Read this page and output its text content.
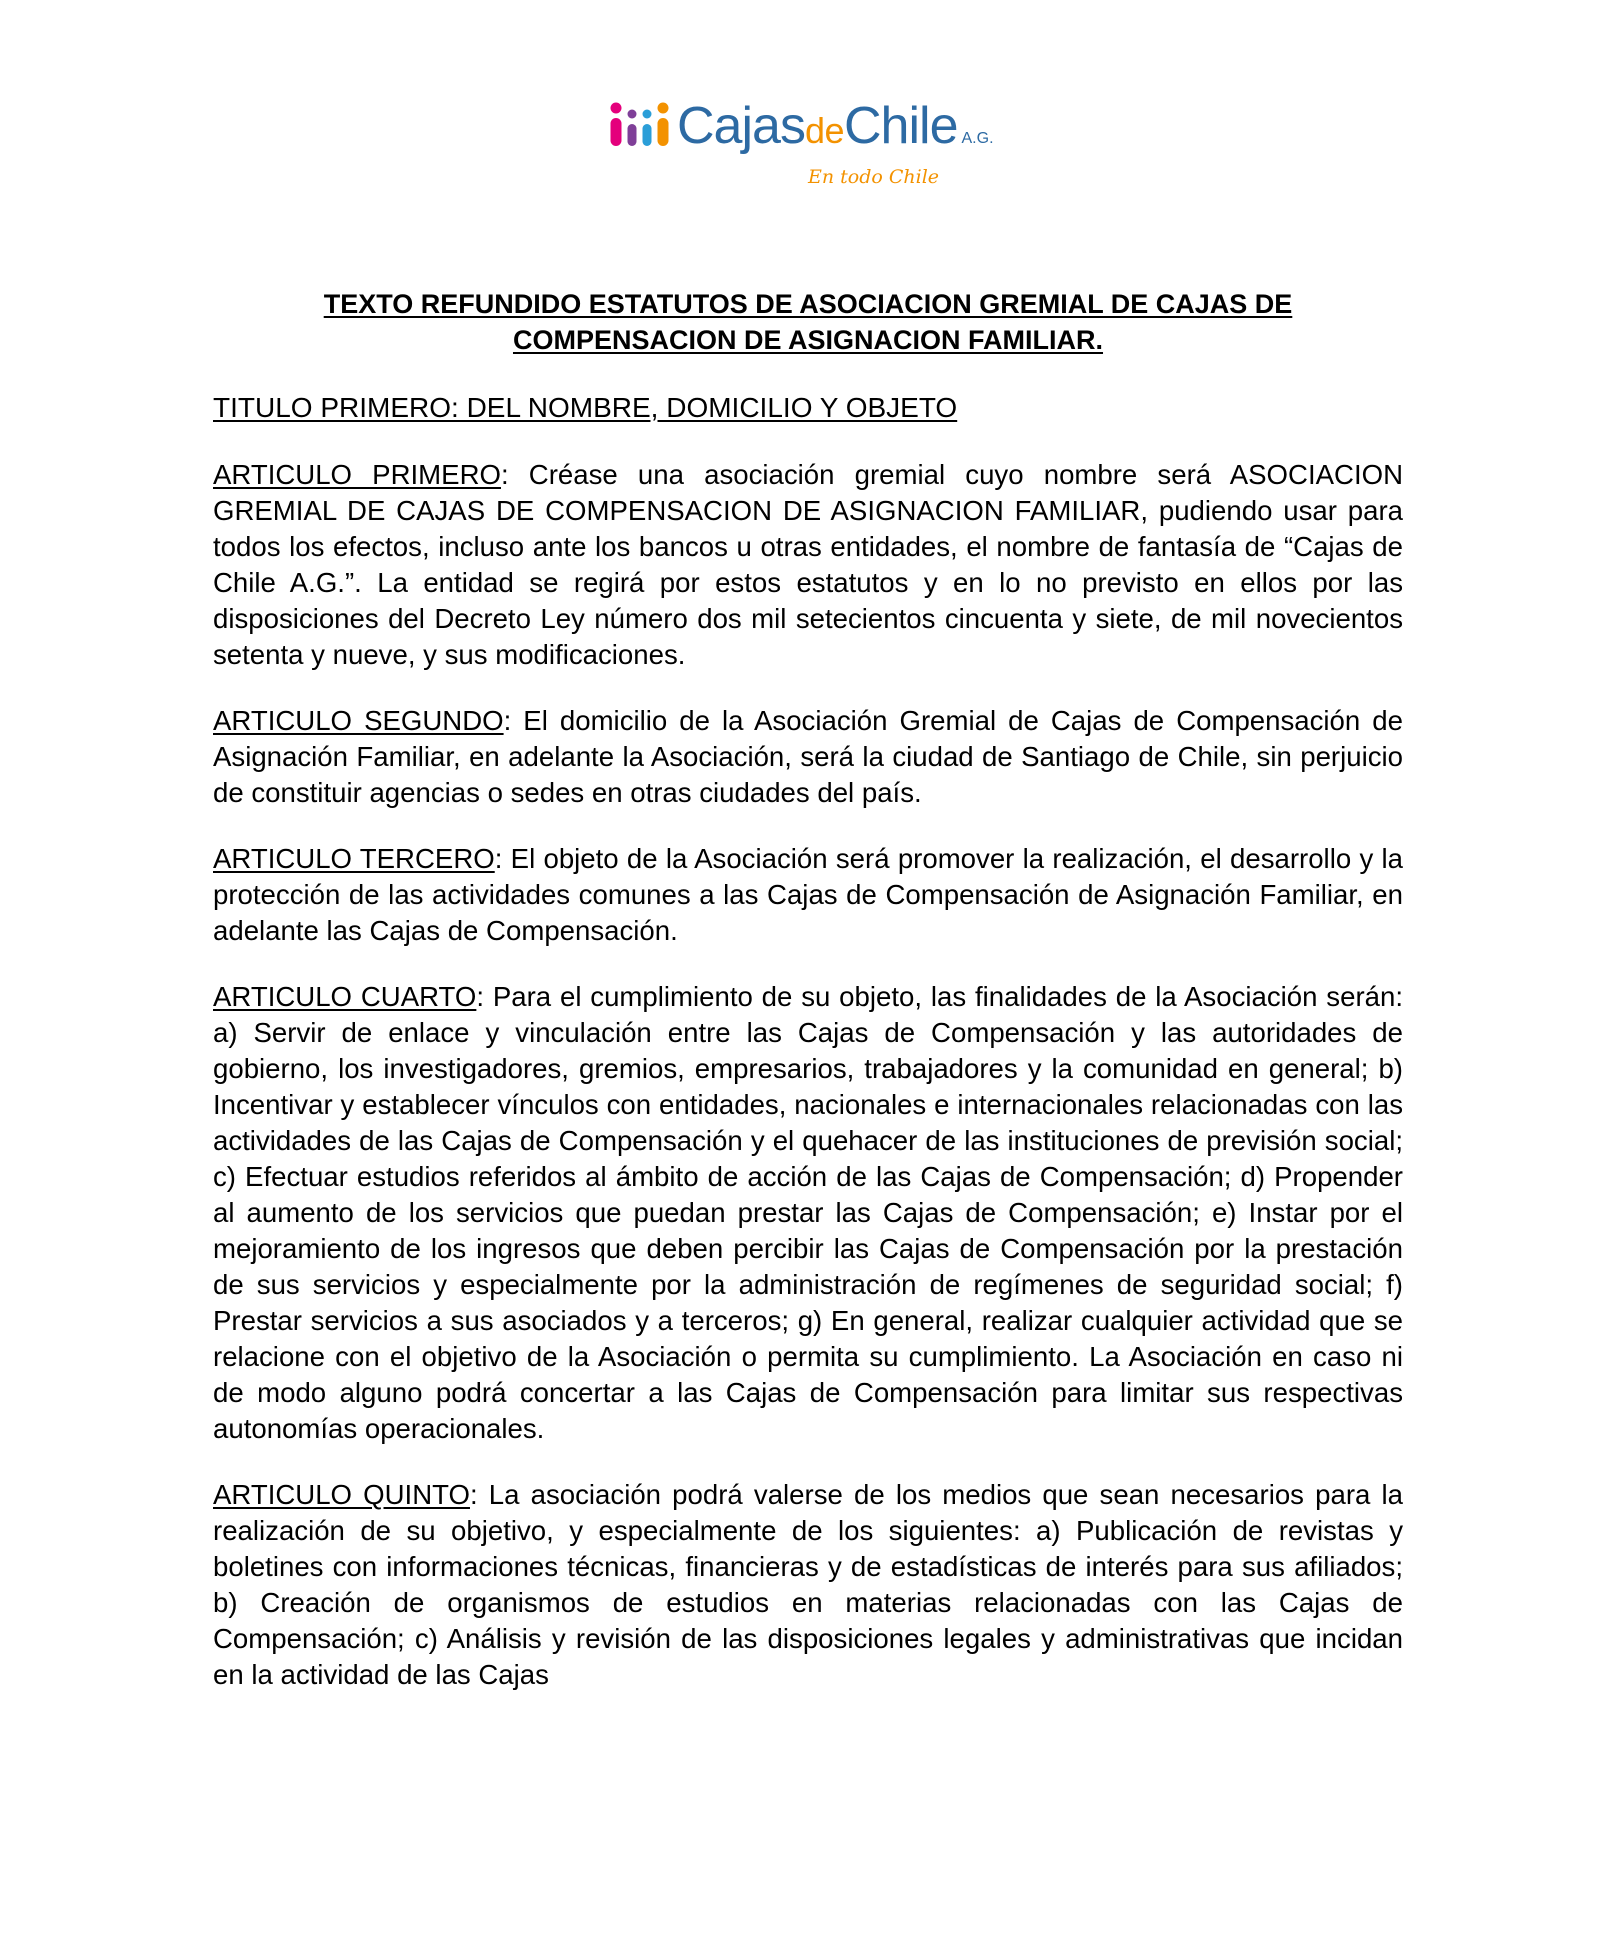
CajasdeChile A.G.
En todo Chile
TEXTO REFUNDIDO ESTATUTOS DE ASOCIACION GREMIAL DE CAJAS DE
COMPENSACION DE ASIGNACION FAMILIAR.
TITULO PRIMERO: DEL NOMBRE, DOMICILIO Y OBJETO

ARTICULO PRIMERO: Créase una asociación gremial cuyo nombre será ASOCIACION GREMIAL DE CAJAS DE COMPENSACION DE ASIGNACION FAMILIAR, pudiendo usar para todos los efectos, incluso ante los bancos u otras entidades, el nombre de fantasía de “Cajas de Chile A.G.”. La entidad se regirá por estos estatutos y en lo no previsto en ellos por las disposiciones del Decreto Ley número dos mil setecientos cincuenta y siete, de mil novecientos setenta y nueve, y sus modificaciones.

ARTICULO SEGUNDO: El domicilio de la Asociación Gremial de Cajas de Compensación de Asignación Familiar, en adelante la Asociación, será la ciudad de Santiago de Chile, sin perjuicio de constituir agencias o sedes en otras ciudades del país.

ARTICULO TERCERO: El objeto de la Asociación será promover la realización, el desarrollo y la protección de las actividades comunes a las Cajas de Compensación de Asignación Familiar, en adelante las Cajas de Compensación.

ARTICULO CUARTO: Para el cumplimiento de su objeto, las finalidades de la Asociación serán: a) Servir de enlace y vinculación entre las Cajas de Compensación y las autoridades de gobierno, los investigadores, gremios, empresarios, trabajadores y la comunidad en general; b) Incentivar y establecer vínculos con entidades, nacionales e internacionales relacionadas con las actividades de las Cajas de Compensación y el quehacer de las instituciones de previsión social; c) Efectuar estudios referidos al ámbito de acción de las Cajas de Compensación; d) Propender al aumento de los servicios que puedan prestar las Cajas de Compensación; e) Instar por el mejoramiento de los ingresos que deben percibir las Cajas de Compensación por la prestación de sus servicios y especialmente por la administración de regímenes de seguridad social; f) Prestar servicios a sus asociados y a terceros; g) En general, realizar cualquier actividad que se relacione con el objetivo de la Asociación o permita su cumplimiento. La Asociación en caso ni de modo alguno podrá concertar a las Cajas de Compensación para limitar sus respectivas autonomías operacionales.

ARTICULO QUINTO: La asociación podrá valerse de los medios que sean necesarios para la realización de su objetivo, y especialmente de los siguientes: a) Publicación de revistas y boletines con informaciones técnicas, financieras y de estadísticas de interés para sus afiliados; b) Creación de organismos de estudios en materias relacionadas con las Cajas de Compensación; c) Análisis y revisión de las disposiciones legales y administrativas que incidan en la actividad de las Cajas
